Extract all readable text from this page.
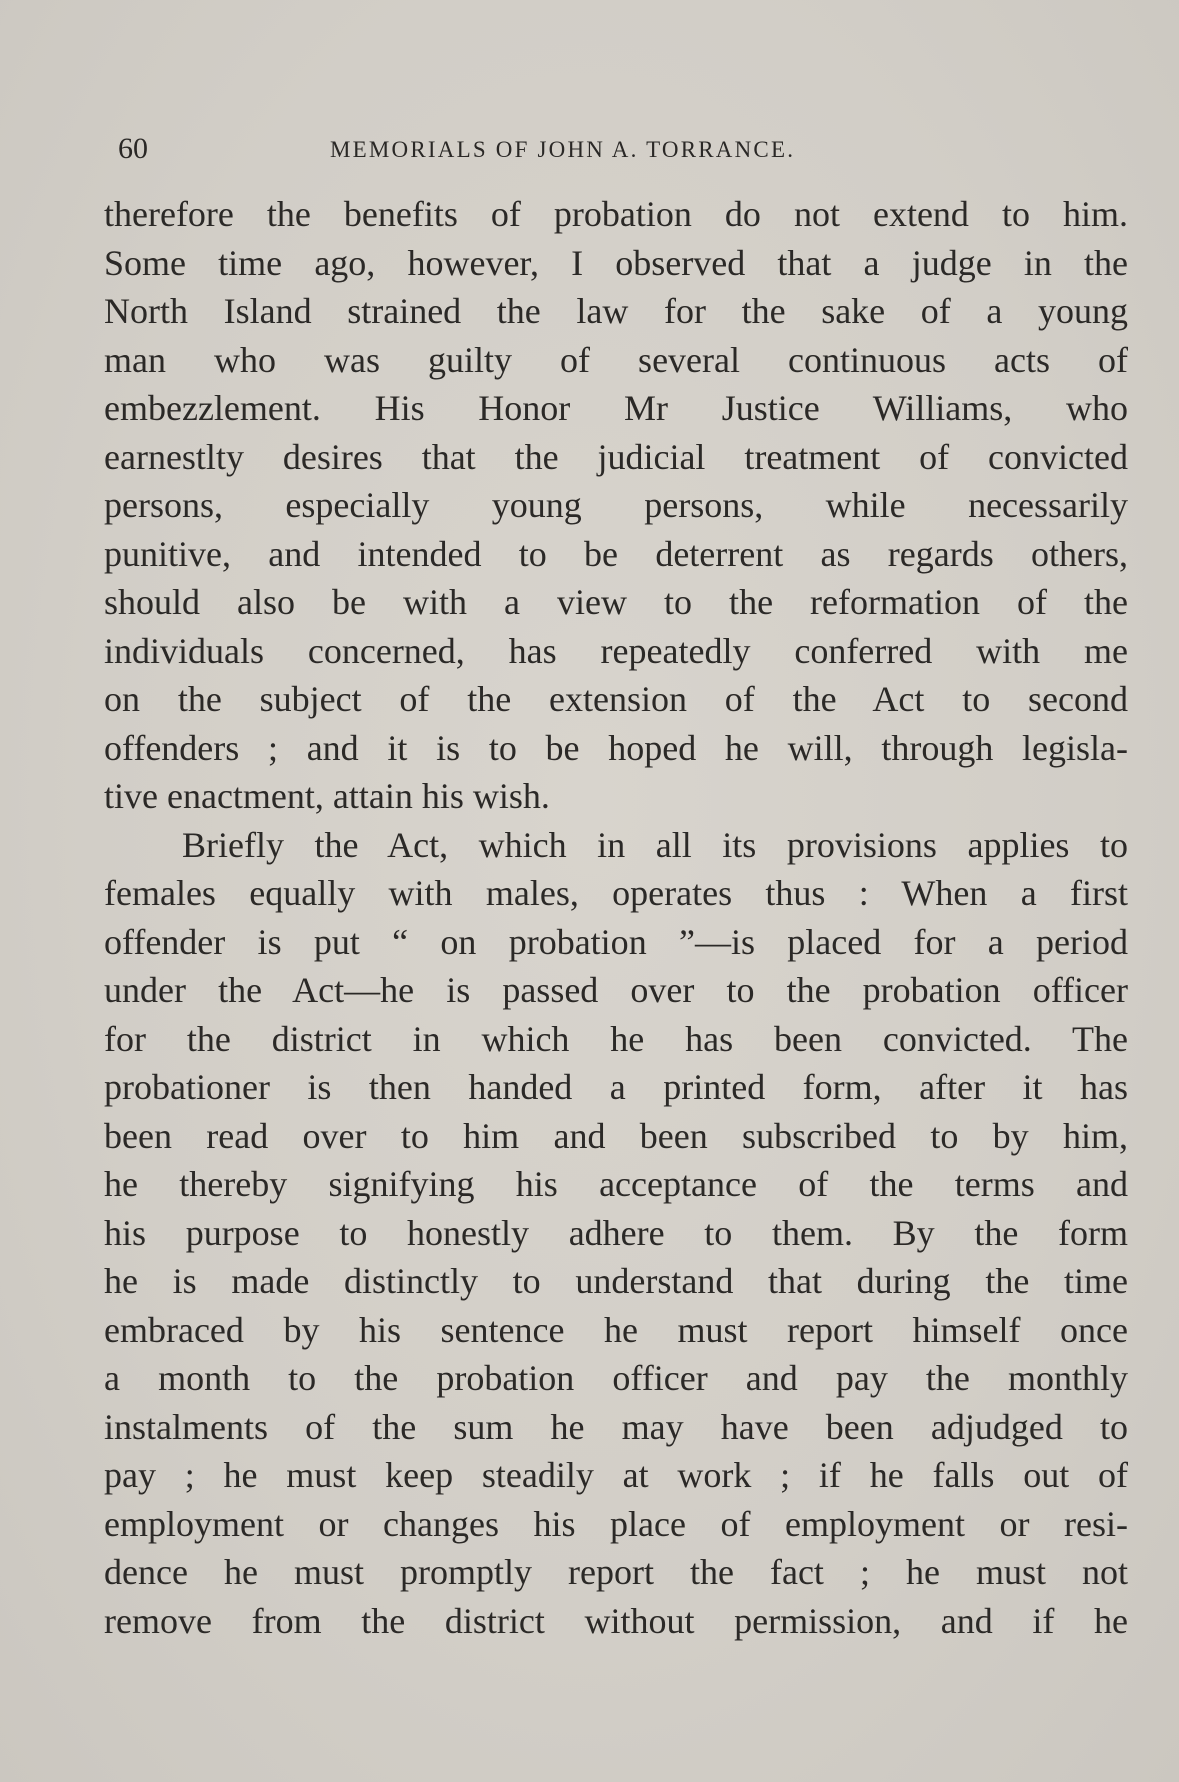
60	MEMORIALS OF JOHN A. TORRANCE.
therefore the benefits of probation do not extend to him.
Some time ago, however, I observed that a judge in the
North Island strained the law for the sake of a young
man who was guilty of several continuous acts of
embezzlement. His Honor Mr Justice Williams, who
earnestlty desires that the judicial treatment of convicted
persons, especially young persons, while necessarily
punitive, and intended to be deterrent as regards others,
should also be with a view to the reformation of the
individuals concerned, has repeatedly conferred with me
on the subject of the extension of the Act to second
offenders ; and it is to be hoped he will, through legisla-
tive enactment, attain his wish.
Briefly the Act, which in all its provisions applies to
females equally with males, operates thus : When a first
offender is put “ on probation ”—is placed for a period
under the Act—he is passed over to the probation officer
for the district in which he has been convicted. The
probationer is then handed a printed form, after it has
been read over to him and been subscribed to by him,
he thereby signifying his acceptance of the terms and
his purpose to honestly adhere to them. By the form
he is made distinctly to understand that during the time
embraced by his sentence he must report himself once
a month to the probation officer and pay the monthly
instalments of the sum he may have been adjudged to
pay ; he must keep steadily at work ; if he falls out of
employment or changes his place of employment or resi-
dence he must promptly report the fact ; he must not
remove from the district without permission, and if he
